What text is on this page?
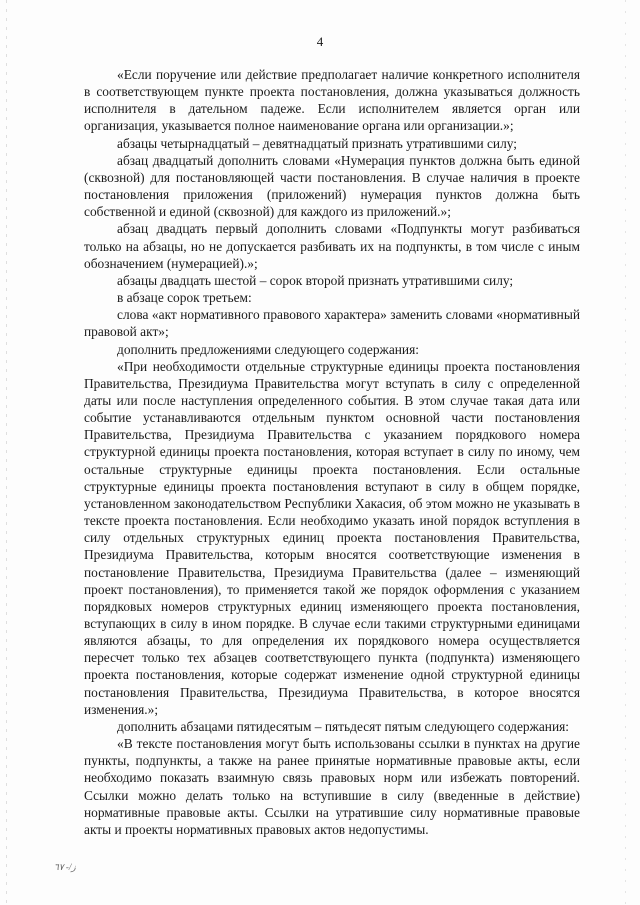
4

«Если поручение или действие предполагает наличие конкретного исполнителя в соответствующем пункте проекта постановления, должна указываться должность исполнителя в дательном падеже. Если исполнителем является орган или организация, указывается полное наименование органа или организации.»;

абзацы четырнадцатый – девятнадцатый признать утратившими силу;

абзац двадцатый дополнить словами «Нумерация пунктов должна быть единой (сквозной) для постановляющей части постановления. В случае наличия в проекте постановления приложения (приложений) нумерация пунктов должна быть собственной и единой (сквозной) для каждого из приложений.»;

абзац двадцать первый дополнить словами «Подпункты могут разбиваться только на абзацы, но не допускается разбивать их на подпункты, в том числе с иным обозначением (нумерацией).»;

абзацы двадцать шестой – сорок второй признать утратившими силу;

в абзаце сорок третьем:

слова «акт нормативного правового характера» заменить словами «нормативный правовой акт»;

дополнить предложениями следующего содержания:

«При необходимости отдельные структурные единицы проекта постановления Правительства, Президиума Правительства могут вступать в силу с определенной даты или после наступления определенного события. В этом случае такая дата или событие устанавливаются отдельным пунктом основной части постановления Правительства, Президиума Правительства с указанием порядкового номера структурной единицы проекта постановления, которая вступает в силу по иному, чем остальные структурные единицы проекта постановления. Если остальные структурные единицы проекта постановления вступают в силу в общем порядке, установленном законодательством Республики Хакасия, об этом можно не указывать в тексте проекта постановления. Если необходимо указать иной порядок вступления в силу отдельных структурных единиц проекта постановления Правительства, Президиума Правительства, которым вносятся соответствующие изменения в постановление Правительства, Президиума Правительства (далее – изменяющий проект постановления), то применяется такой же порядок оформления с указанием порядковых номеров структурных единиц изменяющего проекта постановления, вступающих в силу в ином порядке. В случае если такими структурными единицами являются абзацы, то для определения их порядкового номера осуществляется пересчет только тех абзацев соответствующего пункта (подпункта) изменяющего проекта постановления, которые содержат изменение одной структурной единицы постановления Правительства, Президиума Правительства, в которое вносятся изменения.»;

дополнить абзацами пятидесятым – пятьдесят пятым следующего содержания:

«В тексте постановления могут быть использованы ссылки в пунктах на другие пункты, подпункты, а также на ранее принятые нормативные правовые акты, если необходимо показать взаимную связь правовых норм или избежать повторений. Ссылки можно делать только на вступившие в силу (введенные в действие) нормативные правовые акты. Ссылки на утратившие силу нормативные правовые акты и проекты нормативных правовых актов недопустимы.

ز/- ٦٧
